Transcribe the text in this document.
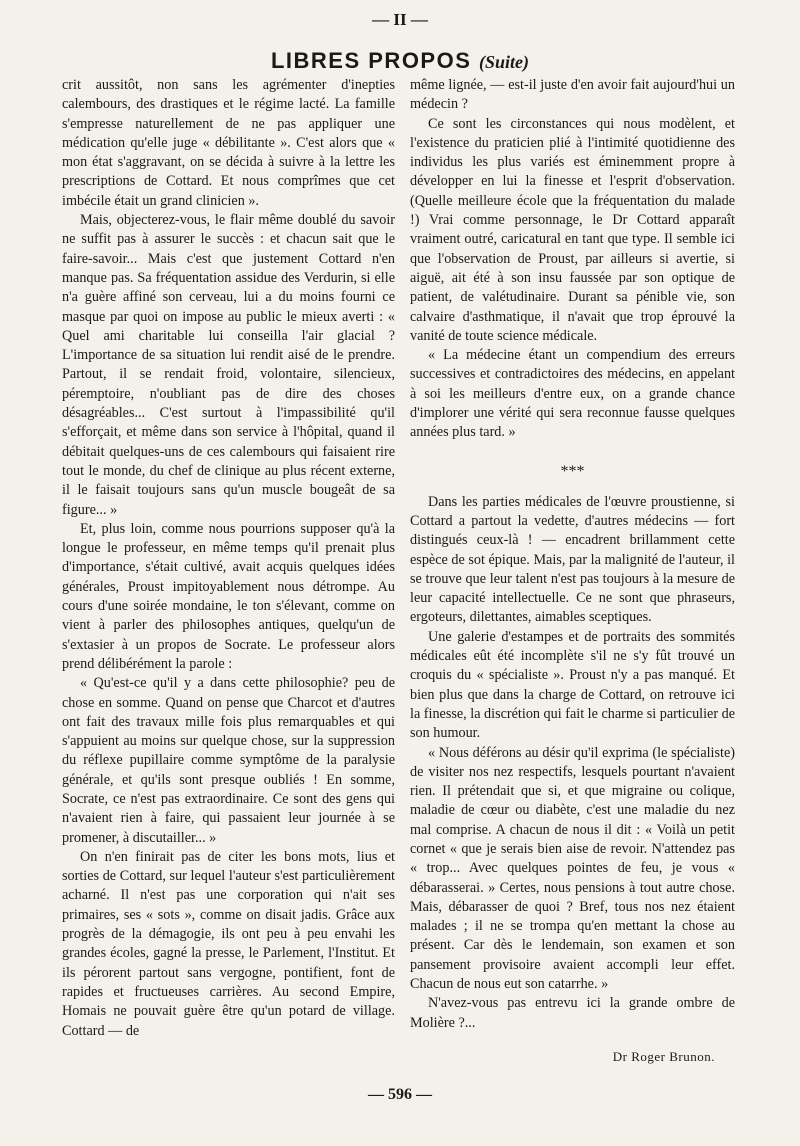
— II —
LIBRES PROPOS (Suite)

crit aussitôt, non sans les agrémenter d'inepties calembours, des drastiques et le régime lacté. La famille s'empresse naturellement de ne pas appliquer une médication qu'elle juge « débilitante ». C'est alors que « mon état s'aggravant, on se décida à suivre à la lettre les prescriptions de Cottard. Et nous comprîmes que cet imbécile était un grand clinicien ».

Mais, objecterez-vous, le flair même doublé du savoir ne suffit pas à assurer le succès : et chacun sait que le faire-savoir... Mais c'est que justement Cottard n'en manque pas. Sa fréquentation assidue des Verdurin, si elle n'a guère affiné son cerveau, lui a du moins fourni ce masque par quoi on impose au public le mieux averti : « Quel ami charitable lui conseilla l'air glacial ? L'importance de sa situation lui rendit aisé de le prendre. Partout, il se rendait froid, volontaire, silencieux, péremptoire, n'oubliant pas de dire des choses désagréables... C'est surtout à l'impassibilité qu'il s'efforçait, et même dans son service à l'hôpital, quand il débitait quelques-uns de ces calembours qui faisaient rire tout le monde, du chef de clinique au plus récent externe, il le faisait toujours sans qu'un muscle bougeât de sa figure... »

Et, plus loin, comme nous pourrions supposer qu'à la longue le professeur, en même temps qu'il prenait plus d'importance, s'était cultivé, avait acquis quelques idées générales, Proust impitoyablement nous détrompe. Au cours d'une soirée mondaine, le ton s'élevant, comme on vient à parler des philosophes antiques, quelqu'un de s'extasier à un propos de Socrate. Le professeur alors prend délibérément la parole :

« Qu'est-ce qu'il y a dans cette philosophie? peu de chose en somme. Quand on pense que Charcot et d'autres ont fait des travaux mille fois plus remarquables et qui s'appuient au moins sur quelque chose, sur la suppression du réflexe pupillaire comme symptôme de la paralysie générale, et qu'ils sont presque oubliés ! En somme, Socrate, ce n'est pas extraordinaire. Ce sont des gens qui n'avaient rien à faire, qui passaient leur journée à se promener, à discutailler... »

On n'en finirait pas de citer les bons mots, lius et sorties de Cottard, sur lequel l'auteur s'est particulièrement acharné. Il n'est pas une corporation qui n'ait ses primaires, ses « sots », comme on disait jadis. Grâce aux progrès de la démagogie, ils ont peu à peu envahi les grandes écoles, gagné la presse, le Parlement, l'Institut. Et ils pérorent partout sans vergogne, pontifient, font de rapides et fructueuses carrières. Au second Empire, Homais ne pouvait guère être qu'un potard de village. Cottard — de

même lignée, — est-il juste d'en avoir fait aujourd'hui un médecin ?

Ce sont les circonstances qui nous modèlent, et l'existence du praticien plié à l'intimité quotidienne des individus les plus variés est éminemment propre à développer en lui la finesse et l'esprit d'observation. (Quelle meilleure école que la fréquentation du malade !) Vrai comme personnage, le Dr Cottard apparaît vraiment outré, caricatural en tant que type. Il semble ici que l'observation de Proust, par ailleurs si avertie, si aiguë, ait été à son insu faussée par son optique de patient, de valétudinaire. Durant sa pénible vie, son calvaire d'asthmatique, il n'avait que trop éprouvé la vanité de toute science médicale.

« La médecine étant un compendium des erreurs successives et contradictoires des médecins, en appelant à soi les meilleurs d'entre eux, on a grande chance d'implorer une vérité qui sera reconnue fausse quelques années plus tard. »

***

Dans les parties médicales de l'œuvre proustienne, si Cottard a partout la vedette, d'autres médecins — fort distingués ceux-là ! — encadrent brillamment cette espèce de sot épique. Mais, par la malignité de l'auteur, il se trouve que leur talent n'est pas toujours à la mesure de leur capacité intellectuelle. Ce ne sont que phraseurs, ergoteurs, dilettantes, aimables sceptiques.

Une galerie d'estampes et de portraits des sommités médicales eût été incomplète s'il ne s'y fût trouvé un croquis du « spécialiste ». Proust n'y a pas manqué. Et bien plus que dans la charge de Cottard, on retrouve ici la finesse, la discrétion qui fait le charme si particulier de son humour.

« Nous déférons au désir qu'il exprima (le spécialiste) de visiter nos nez respectifs, lesquels pourtant n'avaient rien. Il prétendait que si, et que migraine ou colique, maladie de cœur ou diabète, c'est une maladie du nez mal comprise. A chacun de nous il dit : « Voilà un petit cornet « que je serais bien aise de revoir. N'attendez pas « trop... Avec quelques pointes de feu, je vous « débarasserai. » Certes, nous pensions à tout autre chose. Mais, débarasser de quoi ? Bref, tous nos nez étaient malades ; il ne se trompa qu'en mettant la chose au présent. Car dès le lendemain, son examen et son pansement provisoire avaient accompli leur effet. Chacun de nous eut son catarrhe. »

N'avez-vous pas entrevu ici la grande ombre de Molière ?...

Dr Roger Brunon.
— 596 —
